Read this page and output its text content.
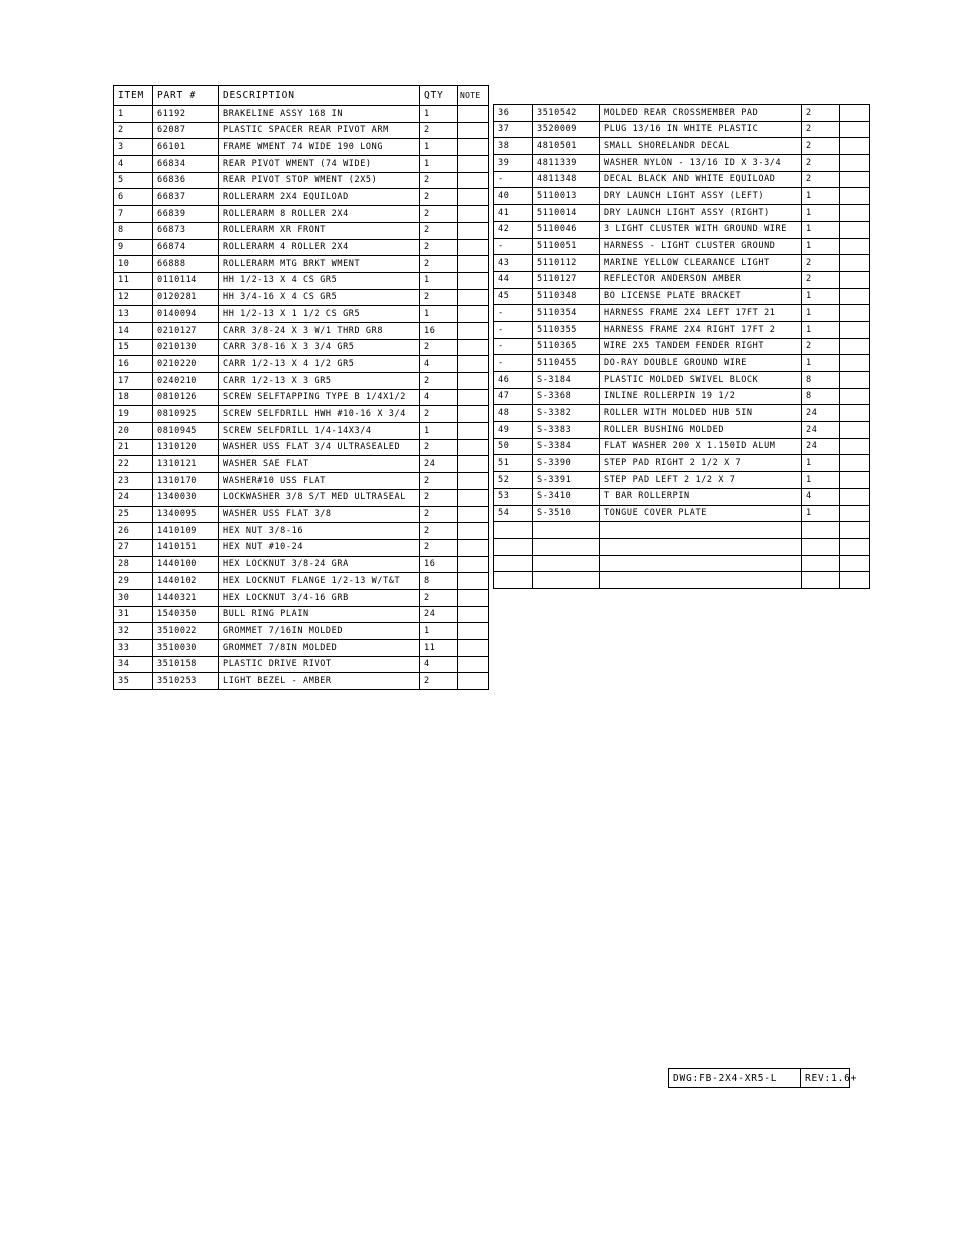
ITEM	PART #	DESCRIPTION	QTY	NOTE
1	61192	BRAKELINE ASSY 168 IN	1	
2	62087	PLASTIC SPACER REAR PIVOT ARM	2	
3	66101	FRAME WMENT 74 WIDE 190 LONG	1	
4	66834	REAR PIVOT WMENT (74 WIDE)	1	
5	66836	REAR PIVOT STOP WMENT (2X5)	2	
6	66837	ROLLERARM 2X4 EQUILOAD	2	
7	66839	ROLLERARM 8 ROLLER 2X4	2	
8	66873	ROLLERARM XR FRONT	2	
9	66874	ROLLERARM 4 ROLLER 2X4	2	
10	66888	ROLLERARM MTG BRKT WMENT	2	
11	0110114	HH 1/2-13 X 4 CS GR5	1	
12	0120281	HH 3/4-16 X 4 CS GR5	2	
13	0140094	HH 1/2-13 X 1 1/2 CS GR5	1	
14	0210127	CARR 3/8-24 X 3 W/1 THRD GR8	16	
15	0210130	CARR 3/8-16 X 3 3/4 GR5	2	
16	0210220	CARR 1/2-13 X 4 1/2 GR5	4	
17	0240210	CARR 1/2-13 X 3 GR5	2	
18	0810126	SCREW SELFTAPPING TYPE B 1/4X1/2	4	
19	0810925	SCREW SELFDRILL HWH #10-16 X 3/4	2	
20	0810945	SCREW SELFDRILL 1/4-14X3/4	1	
21	1310120	WASHER USS FLAT 3/4 ULTRASEALED	2	
22	1310121	WASHER SAE FLAT	24	
23	1310170	WASHER#10 USS FLAT	2	
24	1340030	LOCKWASHER 3/8 S/T MED ULTRASEAL	2	
25	1340095	WASHER USS FLAT 3/8	2	
26	1410109	HEX NUT 3/8-16	2	
27	1410151	HEX NUT #10-24	2	
28	1440100	HEX LOCKNUT 3/8-24 GRA	16	
29	1440102	HEX LOCKNUT FLANGE 1/2-13 W/T&T	8	
30	1440321	HEX LOCKNUT 3/4-16 GRB	2	
31	1540350	BULL RING PLAIN	24	
32	3510022	GROMMET 7/16IN MOLDED	1	
33	3510030	GROMMET 7/8IN MOLDED	11	
34	3510158	PLASTIC DRIVE RIVOT	4	
35	3510253	LIGHT BEZEL - AMBER	2	
36	3510542	MOLDED REAR CROSSMEMBER PAD	2	
37	3520009	PLUG 13/16 IN WHITE PLASTIC	2	
38	4810501	SMALL SHORELANDR DECAL	2	
39	4811339	WASHER NYLON - 13/16 ID X 3-3/4	2	
-	4811348	DECAL BLACK AND WHITE EQUILOAD	2	
40	5110013	DRY LAUNCH LIGHT ASSY (LEFT)	1	
41	5110014	DRY LAUNCH LIGHT ASSY (RIGHT)	1	
42	5110046	3 LIGHT CLUSTER WITH GROUND WIRE	1	
-	5110051	HARNESS - LIGHT CLUSTER GROUND	1	
43	5110112	MARINE YELLOW CLEARANCE LIGHT	2	
44	5110127	REFLECTOR ANDERSON AMBER	2	
45	5110348	BO LICENSE PLATE BRACKET	1	
-	5110354	HARNESS FRAME 2X4 LEFT 17FT 21	1	
-	5110355	HARNESS FRAME 2X4 RIGHT 17FT 2	1	
-	5110365	WIRE 2X5 TANDEM FENDER RIGHT	2	
-	5110455	DO-RAY DOUBLE GROUND WIRE	1	
46	S-3184	PLASTIC MOLDED SWIVEL BLOCK	8	
47	S-3368	INLINE ROLLERPIN 19 1/2	8	
48	S-3382	ROLLER WITH MOLDED HUB 5IN	24	
49	S-3383	ROLLER BUSHING MOLDED	24	
50	S-3384	FLAT WASHER 200 X 1.150ID ALUM	24	
51	S-3390	STEP PAD RIGHT 2 1/2 X 7	1	
52	S-3391	STEP PAD LEFT 2 1/2 X 7	1	
53	S-3410	T BAR ROLLERPIN	4	
54	S-3510	TONGUE COVER PLATE	1	

DWG:FB-2X4-XR5-L	REV:1.6+
